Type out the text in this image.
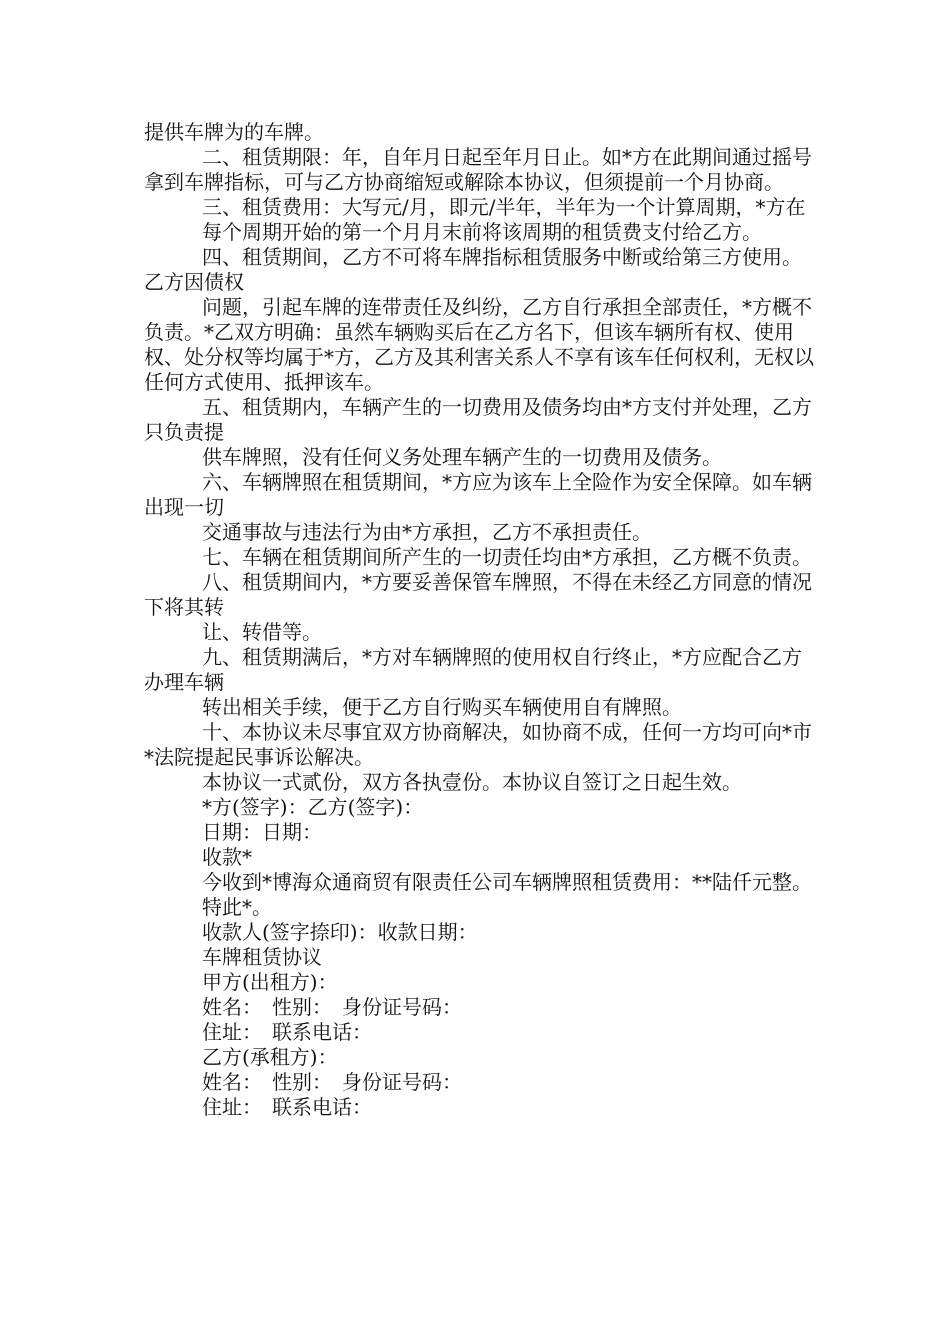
提供车牌为的车牌。

二、租赁期限：年，自年月日起至年月日止。如*方在此期间通过摇号拿到车牌指标，可与乙方协商缩短或解除本协议，但须提前一个月协商。

三、租赁费用：大写元/月，即元/半年，半年为一个计算周期，*方在

每个周期开始的第一个月月末前将该周期的租赁费支付给乙方。

四、租赁期间，乙方不可将车牌指标租赁服务中断或给第三方使用。乙方因债权

问题，引起车牌的连带责任及纠纷，乙方自行承担全部责任，*方概不负责。*乙双方明确：虽然车辆购买后在乙方名下，但该车辆所有权、使用权、处分权等均属于*方，乙方及其利害关系人不享有该车任何权利，无权以任何方式使用、抵押该车。

五、租赁期内，车辆产生的一切费用及债务均由*方支付并处理，乙方只负责提

供车牌照，没有任何义务处理车辆产生的一切费用及债务。

六、车辆牌照在租赁期间，*方应为该车上全险作为安全保障。如车辆出现一切

交通事故与违法行为由*方承担，乙方不承担责任。

七、车辆在租赁期间所产生的一切责任均由*方承担，乙方概不负责。

八、租赁期间内，*方要妥善保管车牌照，不得在未经乙方同意的情况下将其转

让、转借等。

九、租赁期满后，*方对车辆牌照的使用权自行终止，*方应配合乙方办理车辆

转出相关手续，便于乙方自行购买车辆使用自有牌照。

十、本协议未尽事宜双方协商解决，如协商不成，任何一方均可向*市*法院提起民事诉讼解决。

本协议一式贰份，双方各执壹份。本协议自签订之日起生效。

*方(签字)：乙方(签字)：

日期：日期：

收款*

今收到*博海众通商贸有限责任公司车辆牌照租赁费用：**陆仟元整。

特此*。

收款人(签字捺印)：收款日期：

车牌租赁协议

甲方(出租方)：

姓名：　性别：　身份证号码：

住址：　联系电话：

乙方(承租方)：

姓名：　性别：　身份证号码：

住址：　联系电话：
